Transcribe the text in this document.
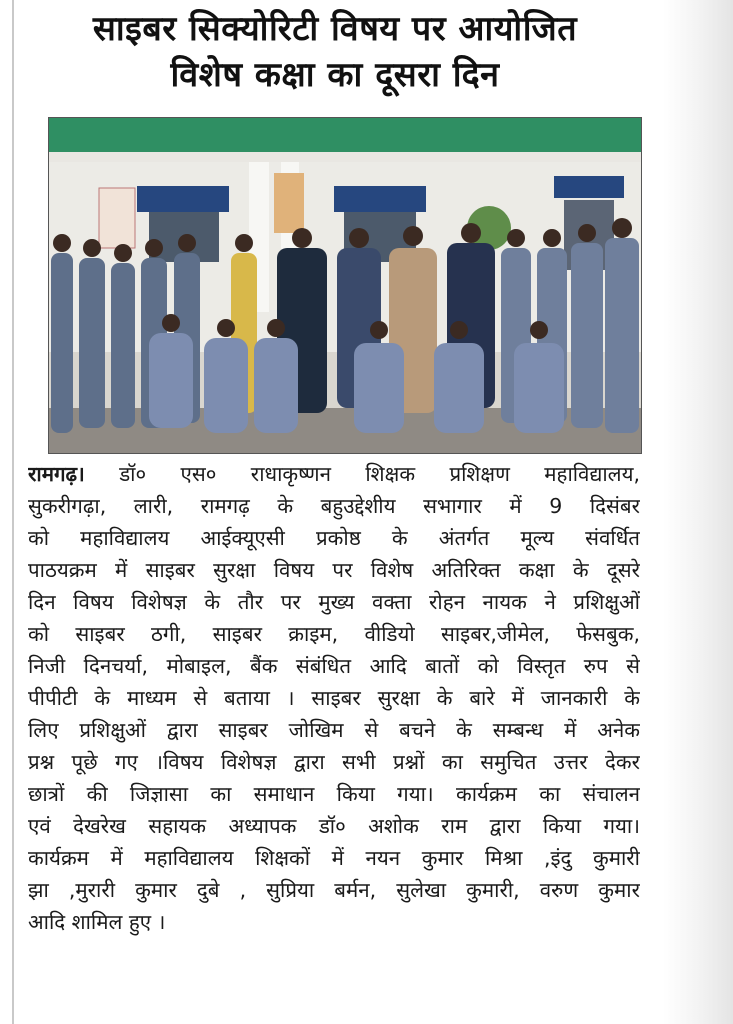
साइबर सिक्योरिटी विषय पर आयोजित
विशेष कक्षा का दूसरा दिन
रामगढ़। डॉ० एस० राधाकृष्णन शिक्षक प्रशिक्षण महाविद्यालय,
सुकरीगढ़ा, लारी, रामगढ़ के बहुउद्देशीय सभागार में 9 दिसंबर
को महाविद्यालय आईक्यूएसी प्रकोष्ठ के अंतर्गत मूल्य संवर्धित
पाठयक्रम में साइबर सुरक्षा विषय पर विशेष अतिरिक्त कक्षा के दूसरे
दिन विषय विशेषज्ञ के तौर पर मुख्य वक्ता रोहन नायक ने प्रशिक्षुओं
को साइबर ठगी, साइबर क्राइम, वीडियो साइबर,जीमेल, फेसबुक,
निजी दिनचर्या, मोबाइल, बैंक संबंधित आदि बातों को विस्तृत रुप से
पीपीटी के माध्यम से बताया । साइबर सुरक्षा के बारे में जानकारी के
लिए प्रशिक्षुओं द्वारा साइबर जोखिम से बचने के सम्बन्ध में अनेक
प्रश्न पूछे गए ।विषय विशेषज्ञ द्वारा सभी प्रश्नों का समुचित उत्तर देकर
छात्रों की जिज्ञासा का समाधान किया गया। कार्यक्रम का संचालन
एवं देखरेख सहायक अध्यापक डॉ० अशोक राम द्वारा किया गया।
कार्यक्रम में महाविद्यालय शिक्षकों में नयन कुमार मिश्रा ,इंदु कुमारी
झा ,मुरारी कुमार दुबे , सुप्रिया बर्मन, सुलेखा कुमारी, वरुण कुमार
आदि शामिल हुए ।
